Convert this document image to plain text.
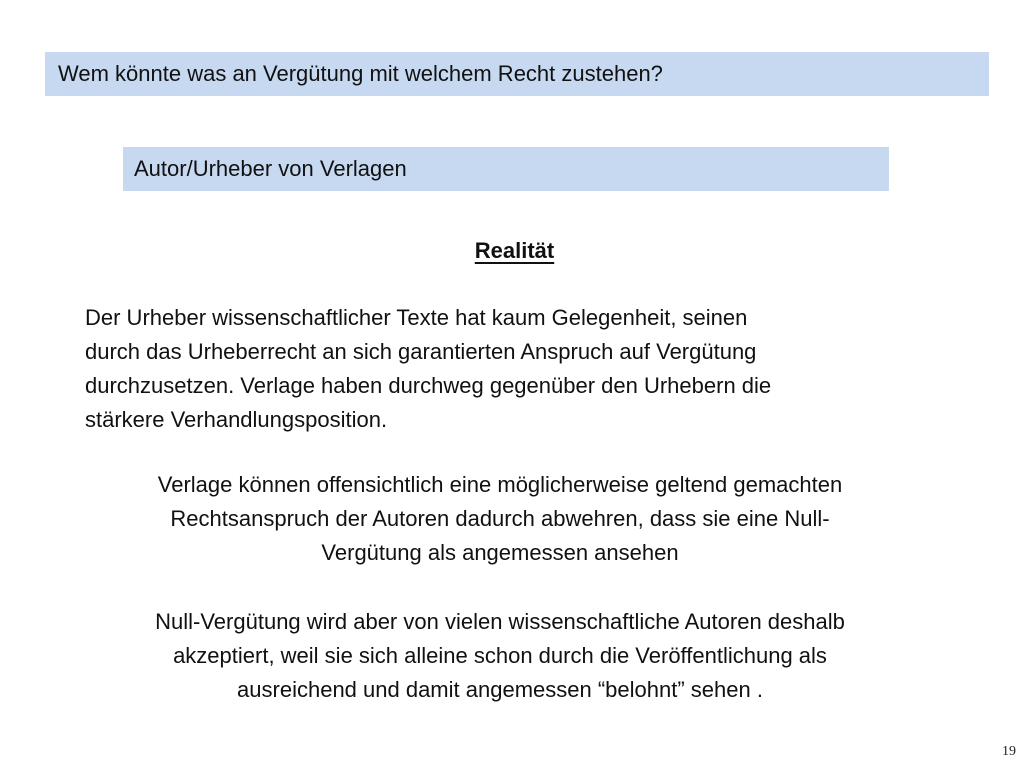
Wem könnte was an Vergütung mit welchem Recht zustehen?
Autor/Urheber von Verlagen
Realität
Der Urheber wissenschaftlicher Texte hat kaum Gelegenheit, seinen
durch das Urheberrecht an sich garantierten Anspruch auf Vergütung
durchzusetzen. Verlage haben durchweg gegenüber den Urhebern die
stärkere Verhandlungsposition.
Verlage können offensichtlich eine möglicherweise geltend gemachten
Rechtsanspruch der Autoren dadurch abwehren, dass sie eine Null-
Vergütung als angemessen ansehen
Null-Vergütung wird aber von vielen wissenschaftliche Autoren deshalb
akzeptiert, weil sie sich alleine schon durch die Veröffentlichung als
ausreichend und damit angemessen “belohnt” sehen .
19
